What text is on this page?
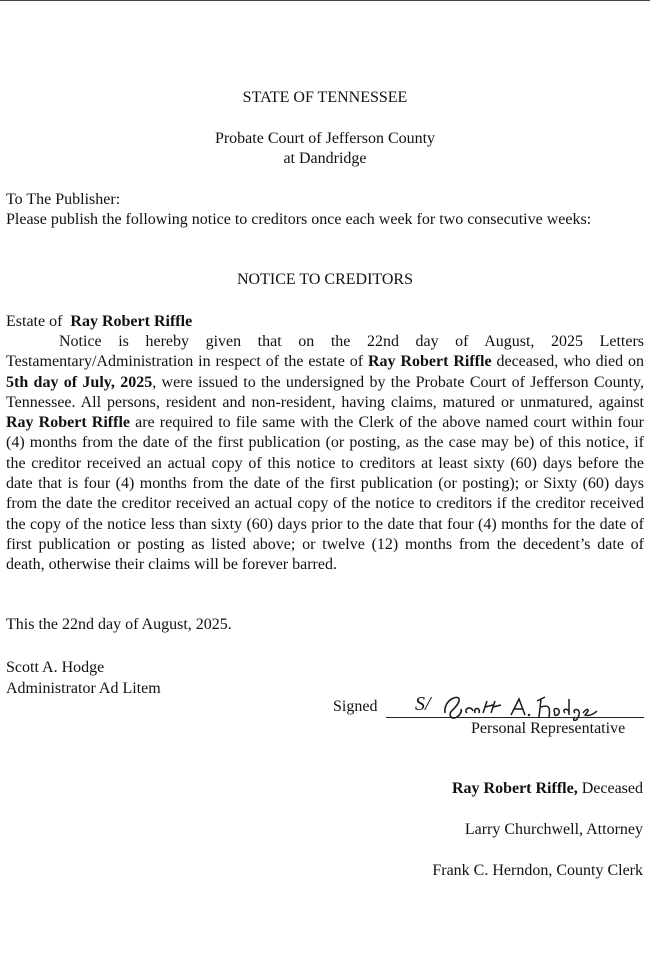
STATE OF TENNESSEE
Probate Court of Jefferson County
at Dandridge
To The Publisher:
Please publish the following notice to creditors once each week for two consecutive weeks:
NOTICE TO CREDITORS
Estate of Ray Robert Riffle
Notice is hereby given that on the 22nd day of August, 2025 Letters Testamentary/Administration in respect of the estate of Ray Robert Riffle deceased, who died on 5th day of July, 2025, were issued to the undersigned by the Probate Court of Jefferson County, Tennessee. All persons, resident and non-resident, having claims, matured or unmatured, against Ray Robert Riffle are required to file same with the Clerk of the above named court within four (4) months from the date of the first publication (or posting, as the case may be) of this notice, if the creditor received an actual copy of this notice to creditors at least sixty (60) days before the date that is four (4) months from the date of the first publication (or posting); or Sixty (60) days from the date the creditor received an actual copy of the notice to creditors if the creditor received the copy of the notice less than sixty (60) days prior to the date that four (4) months for the date of first publication or posting as listed above; or twelve (12) months from the decedent’s date of death, otherwise their claims will be forever barred.
This the 22nd day of August, 2025.
Scott A. Hodge
Administrator Ad Litem
Signed S/
Scott A. Hodge
Personal Representative
Ray Robert Riffle, Deceased
Larry Churchwell, Attorney
Frank C. Herndon, County Clerk
